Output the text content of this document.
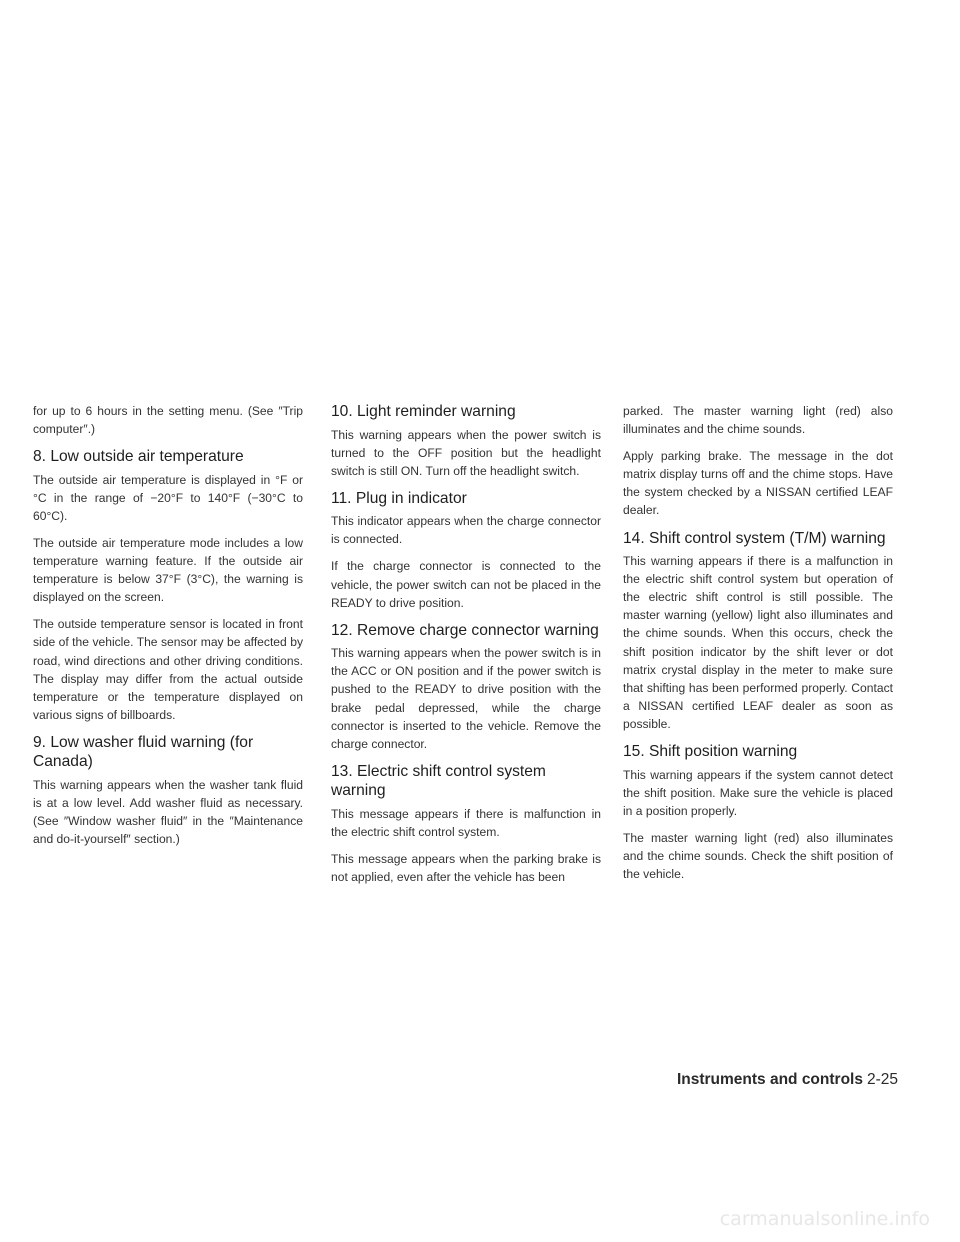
for up to 6 hours in the setting menu. (See ″Trip computer″.)

8. Low outside air temperature

The outside air temperature is displayed in °F or °C in the range of −20°F to 140°F (−30°C to 60°C).

The outside air temperature mode includes a low temperature warning feature. If the outside air temperature is below 37°F (3°C), the warning is displayed on the screen.

The outside temperature sensor is located in front side of the vehicle. The sensor may be affected by road, wind directions and other driving conditions. The display may differ from the actual outside temperature or the temperature displayed on various signs of billboards.

9. Low washer fluid warning (for Canada)

This warning appears when the washer tank fluid is at a low level. Add washer fluid as necessary. (See ″Window washer fluid″ in the ″Maintenance and do-it-yourself″ section.)

10. Light reminder warning

This warning appears when the power switch is turned to the OFF position but the headlight switch is still ON. Turn off the headlight switch.

11. Plug in indicator

This indicator appears when the charge connector is connected.

If the charge connector is connected to the vehicle, the power switch can not be placed in the READY to drive position.

12. Remove charge connector warning

This warning appears when the power switch is in the ACC or ON position and if the power switch is pushed to the READY to drive position with the brake pedal depressed, while the charge connector is inserted to the vehicle. Remove the charge connector.

13. Electric shift control system warning

This message appears if there is malfunction in the electric shift control system.

This message appears when the parking brake is not applied, even after the vehicle has been

parked. The master warning light (red) also illuminates and the chime sounds.

Apply parking brake. The message in the dot matrix display turns off and the chime stops. Have the system checked by a NISSAN certified LEAF dealer.

14. Shift control system (T/M) warning

This warning appears if there is a malfunction in the electric shift control system but operation of the electric shift control is still possible. The master warning (yellow) light also illuminates and the chime sounds. When this occurs, check the shift position indicator by the shift lever or dot matrix crystal display in the meter to make sure that shifting has been performed properly. Contact a NISSAN certified LEAF dealer as soon as possible.

15. Shift position warning

This warning appears if the system cannot detect the shift position. Make sure the vehicle is placed in a position properly.

The master warning light (red) also illuminates and the chime sounds. Check the shift position of the vehicle.

Instruments and controls 2-25
carmanualsonline.info
